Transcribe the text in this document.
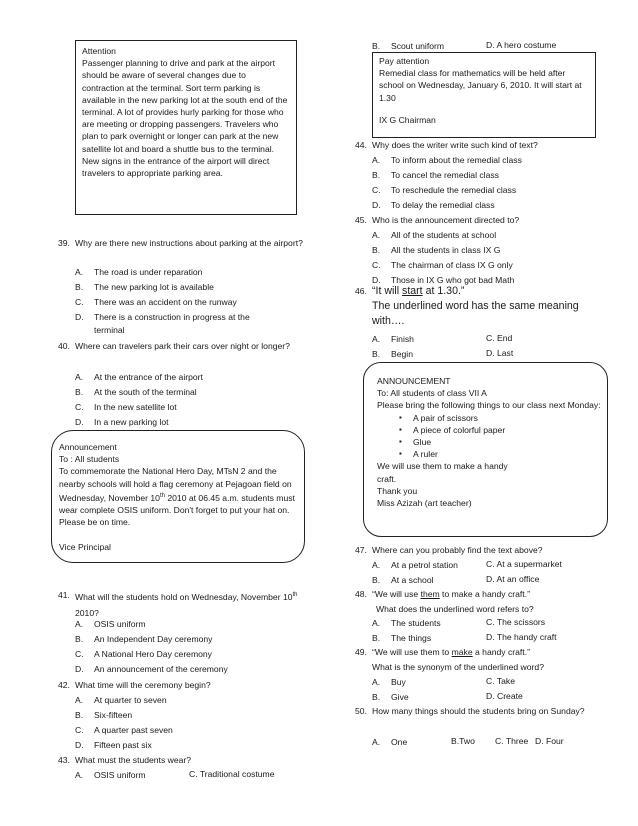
Attention
Passenger planning to drive and park at the airport should be aware of several changes due to contraction at the terminal. Sort term parking is available in the new parking lot at the south end of the terminal. A lot of provides hurly parking for those who are meeting or dropping passengers. Travelers who plan to park overnight or longer can park at the new satellite lot and board a shuttle bus to the terminal. New signs in the entrance of the airport will direct travelers to appropriate parking area.
39. Why are there new instructions about parking at the airport?
A. The road is under reparation
B. The new parking lot is available
C. There was an accident on the runway
D. There is a construction in progress at the terminal
40. Where can travelers park their cars over night or longer?
A. At the entrance of the airport
B. At the south of the terminal
C. In the new satellite lot
D. In a new parking lot
Announcement
To : All students
To commemorate the National Hero Day, MTsN 2 and the nearby schools will hold a flag ceremony at Pejagoan field on Wednesday, November 10th 2010 at 06.45 a.m. students must wear complete OSIS uniform. Don't forget to put your hat on. Please be on time.
Vice Principal
41. What will the students hold on Wednesday, November 10th 2010?
A. OSIS uniform
B. An Independent Day ceremony
C. A National Hero Day ceremony
D. An announcement of the ceremony
42. What time will the ceremony begin?
A. At quarter to seven
B. Six-fifteen
C. A quarter past seven
D. Fifteen past six
43. What must the students wear?
A. OSIS uniform	C. Traditional costume
B. Scout uniform	D. A hero costume
Pay attention
Remedial class for mathematics will be held after school on Wednesday, January 6, 2010. It will start at 1.30
IX G Chairman
44. Why does the writer write such kind of text?
A. To inform about the remedial class
B. To cancel the remedial class
C. To reschedule the remedial class
D. To delay the remedial class
45. Who is the announcement directed to?
A. All of the students at school
B. All the students in class IX G
C. The chairman of class IX G only
D. Those in IX G who got bad Math
46. “It will start at 1.30.”
The underlined word has the same meaning with….
A. Finish	C. End
B. Begin	D. Last
ANNOUNCEMENT
To: All students of class VII A
Please bring the following things to our class next Monday:
▪ A pair of scissors
▪ A piece of colorful paper
▪ Glue
▪ A ruler
We will use them to make a handy craft.
Thank you
Miss Azizah (art teacher)
47. Where can you probably find the text above?
A. At a petrol station	C. At a supermarket
B. At a school	D. At an office
48. “We will use them to make a handy craft.”
What does the underlined word refers to?
A. The students	C. The scissors
B. The things	D. The handy craft
49. “We will use them to make a handy craft.”
What is the synonym of the underlined word?
A. Buy	C. Take
B. Give	D. Create
50. How many things should the students bring on Sunday?
A. One	B.Two C. Three D. Four
